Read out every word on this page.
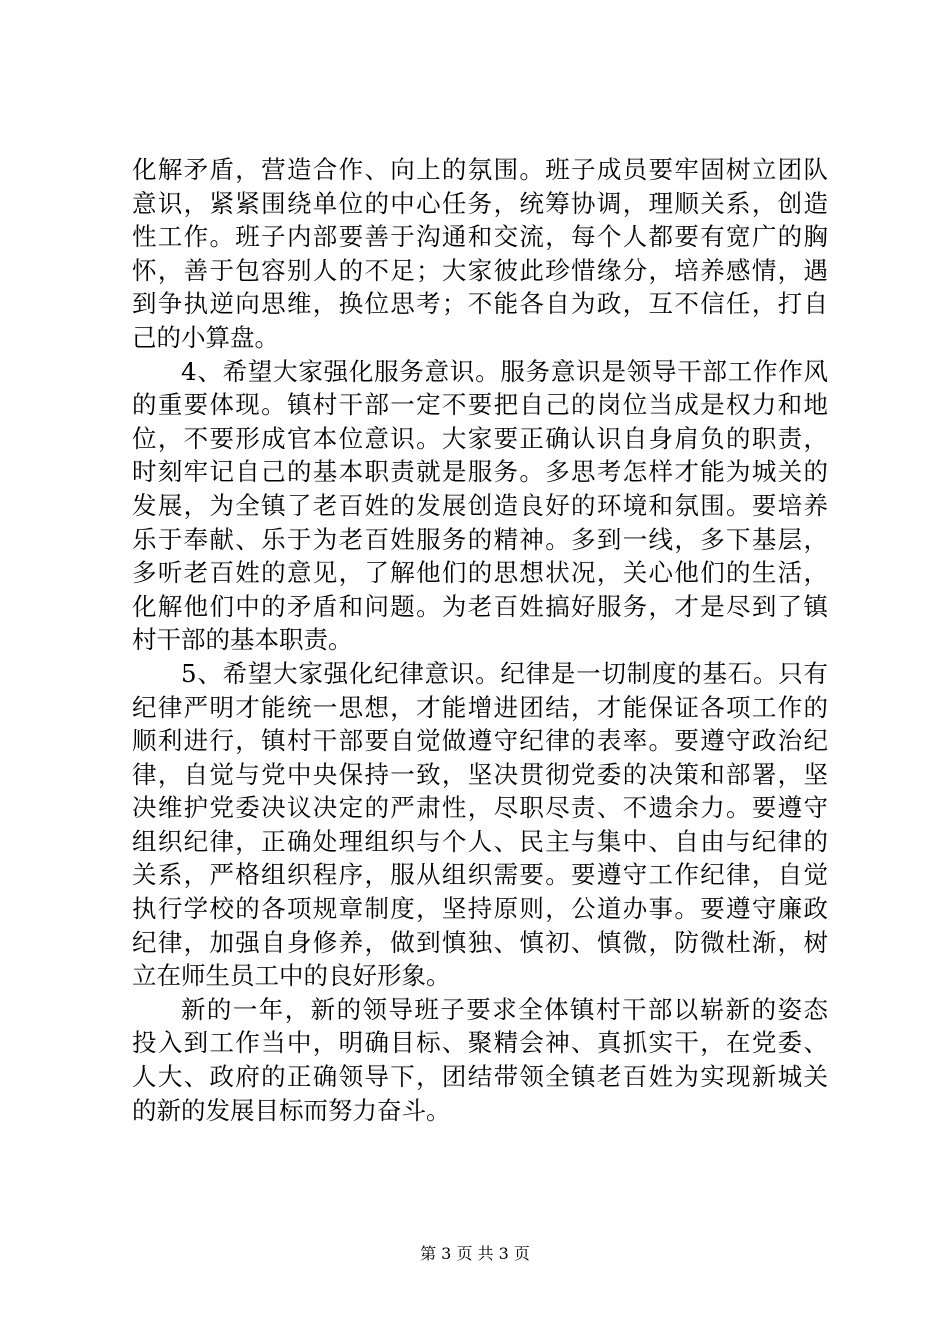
化解矛盾，营造合作、向上的氛围。班子成员要牢固树立团队
意识，紧紧围绕单位的中心任务，统筹协调，理顺关系，创造
性工作。班子内部要善于沟通和交流，每个人都要有宽广的胸
怀，善于包容别人的不足；大家彼此珍惜缘分，培养感情，遇
到争执逆向思维，换位思考；不能各自为政，互不信任，打自
己的小算盘。
4、希望大家强化服务意识。服务意识是领导干部工作作风
的重要体现。镇村干部一定不要把自己的岗位当成是权力和地
位，不要形成官本位意识。大家要正确认识自身肩负的职责，
时刻牢记自己的基本职责就是服务。多思考怎样才能为城关的
发展，为全镇了老百姓的发展创造良好的环境和氛围。要培养
乐于奉献、乐于为老百姓服务的精神。多到一线，多下基层，
多听老百姓的意见，了解他们的思想状况，关心他们的生活，
化解他们中的矛盾和问题。为老百姓搞好服务，才是尽到了镇
村干部的基本职责。
5、希望大家强化纪律意识。纪律是一切制度的基石。只有
纪律严明才能统一思想，才能增进团结，才能保证各项工作的
顺利进行，镇村干部要自觉做遵守纪律的表率。要遵守政治纪
律，自觉与党中央保持一致，坚决贯彻党委的决策和部署，坚
决维护党委决议决定的严肃性，尽职尽责、不遗余力。要遵守
组织纪律，正确处理组织与个人、民主与集中、自由与纪律的
关系，严格组织程序，服从组织需要。要遵守工作纪律，自觉
执行学校的各项规章制度，坚持原则，公道办事。要遵守廉政
纪律，加强自身修养，做到慎独、慎初、慎微，防微杜渐，树
立在师生员工中的良好形象。
新的一年，新的领导班子要求全体镇村干部以崭新的姿态
投入到工作当中，明确目标、聚精会神、真抓实干，在党委、
人大、政府的正确领导下，团结带领全镇老百姓为实现新城关
的新的发展目标而努力奋斗。
第 3 页 共 3 页
